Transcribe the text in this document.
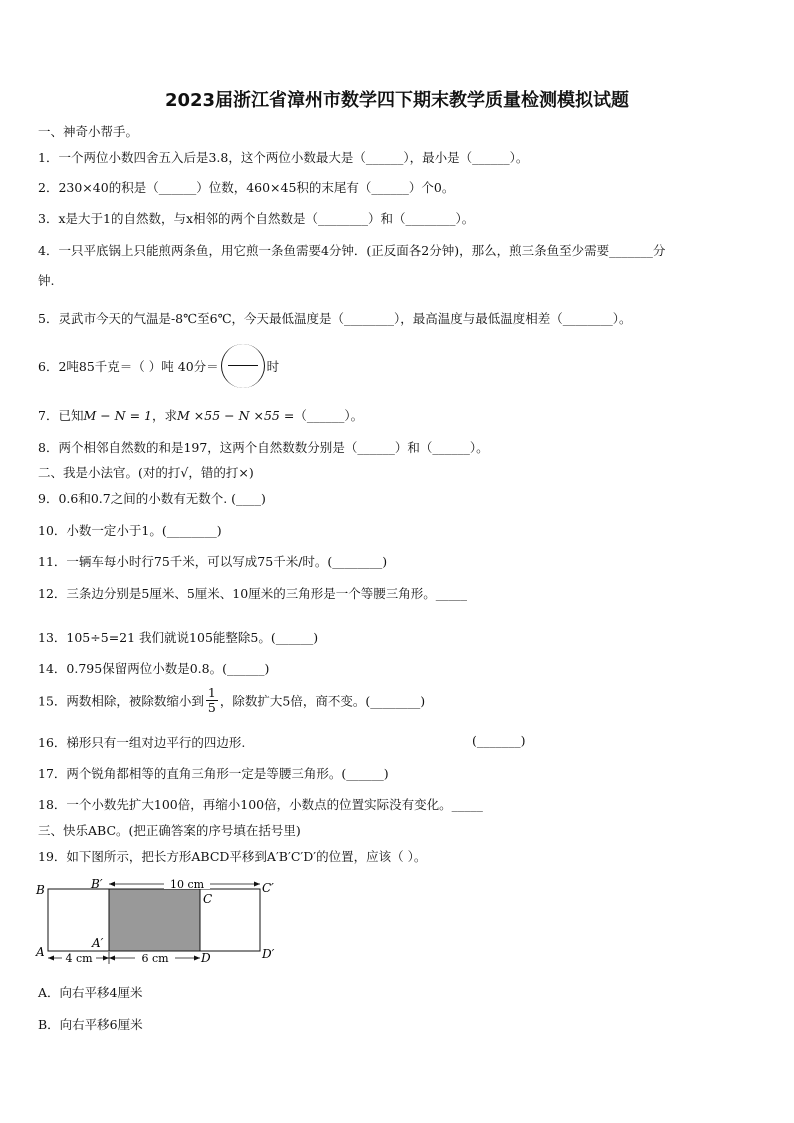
2023届浙江省漳州市数学四下期末教学质量检测模拟试题
一、神奇小帮手。
1．一个两位小数四舍五入后是3.8，这个两位小数最大是（______），最小是（______）。
2．230×40的积是（______）位数，460×45积的末尾有（______）个0。
3．x是大于1的自然数，与x相邻的两个自然数是（________）和（________）。
4．一只平底锅上只能煎两条鱼，用它煎一条鱼需要4分钟．(正反面各2分钟)，那么，煎三条鱼至少需要_______分
钟.
5．灵武市今天的气温是-8℃至6℃，今天最低温度是（________），最高温度与最低温度相差（________）。
6．2吨85千克＝（ ）吨 40分＝	时
7．已知M − N = 1，求M ×55 − N ×55 =（______）。
8．两个相邻自然数的和是197，这两个自然数数分别是（______）和（______）。
二、我是小法官。(对的打√，错的打×)
9．0.6和0.7之间的小数有无数个. (____)
10．小数一定小于1。(________)
11．一辆车每小时行75千米，可以写成75千米/时。(________)
12．三条边分别是5厘米、5厘米、10厘米的三角形是一个等腰三角形。_____
13．105÷5=21 我们就说105能整除5。(______)
14．0.795保留两位小数是0.8。(______)
15．两数相除，被除数缩小到 $\frac{1}{5}$ ，除数扩大5倍，商不变。(________)
16．梯形只有一组对边平行的四边形.	(_______)
17．两个锐角都相等的直角三角形一定是等腰三角形。(______)
18．一个小数先扩大100倍，再缩小100倍，小数点的位置实际没有变化。_____
三、快乐ABC。(把正确答案的序号填在括号里)
19．如下图所示，把长方形ABCD平移到A′B′C′D′的位置，应该（ ）。
10 cm
4 cm	6 cm
B	B′
C
C′
A
A′
D	D′
A．向右平移4厘米
B．向右平移6厘米
